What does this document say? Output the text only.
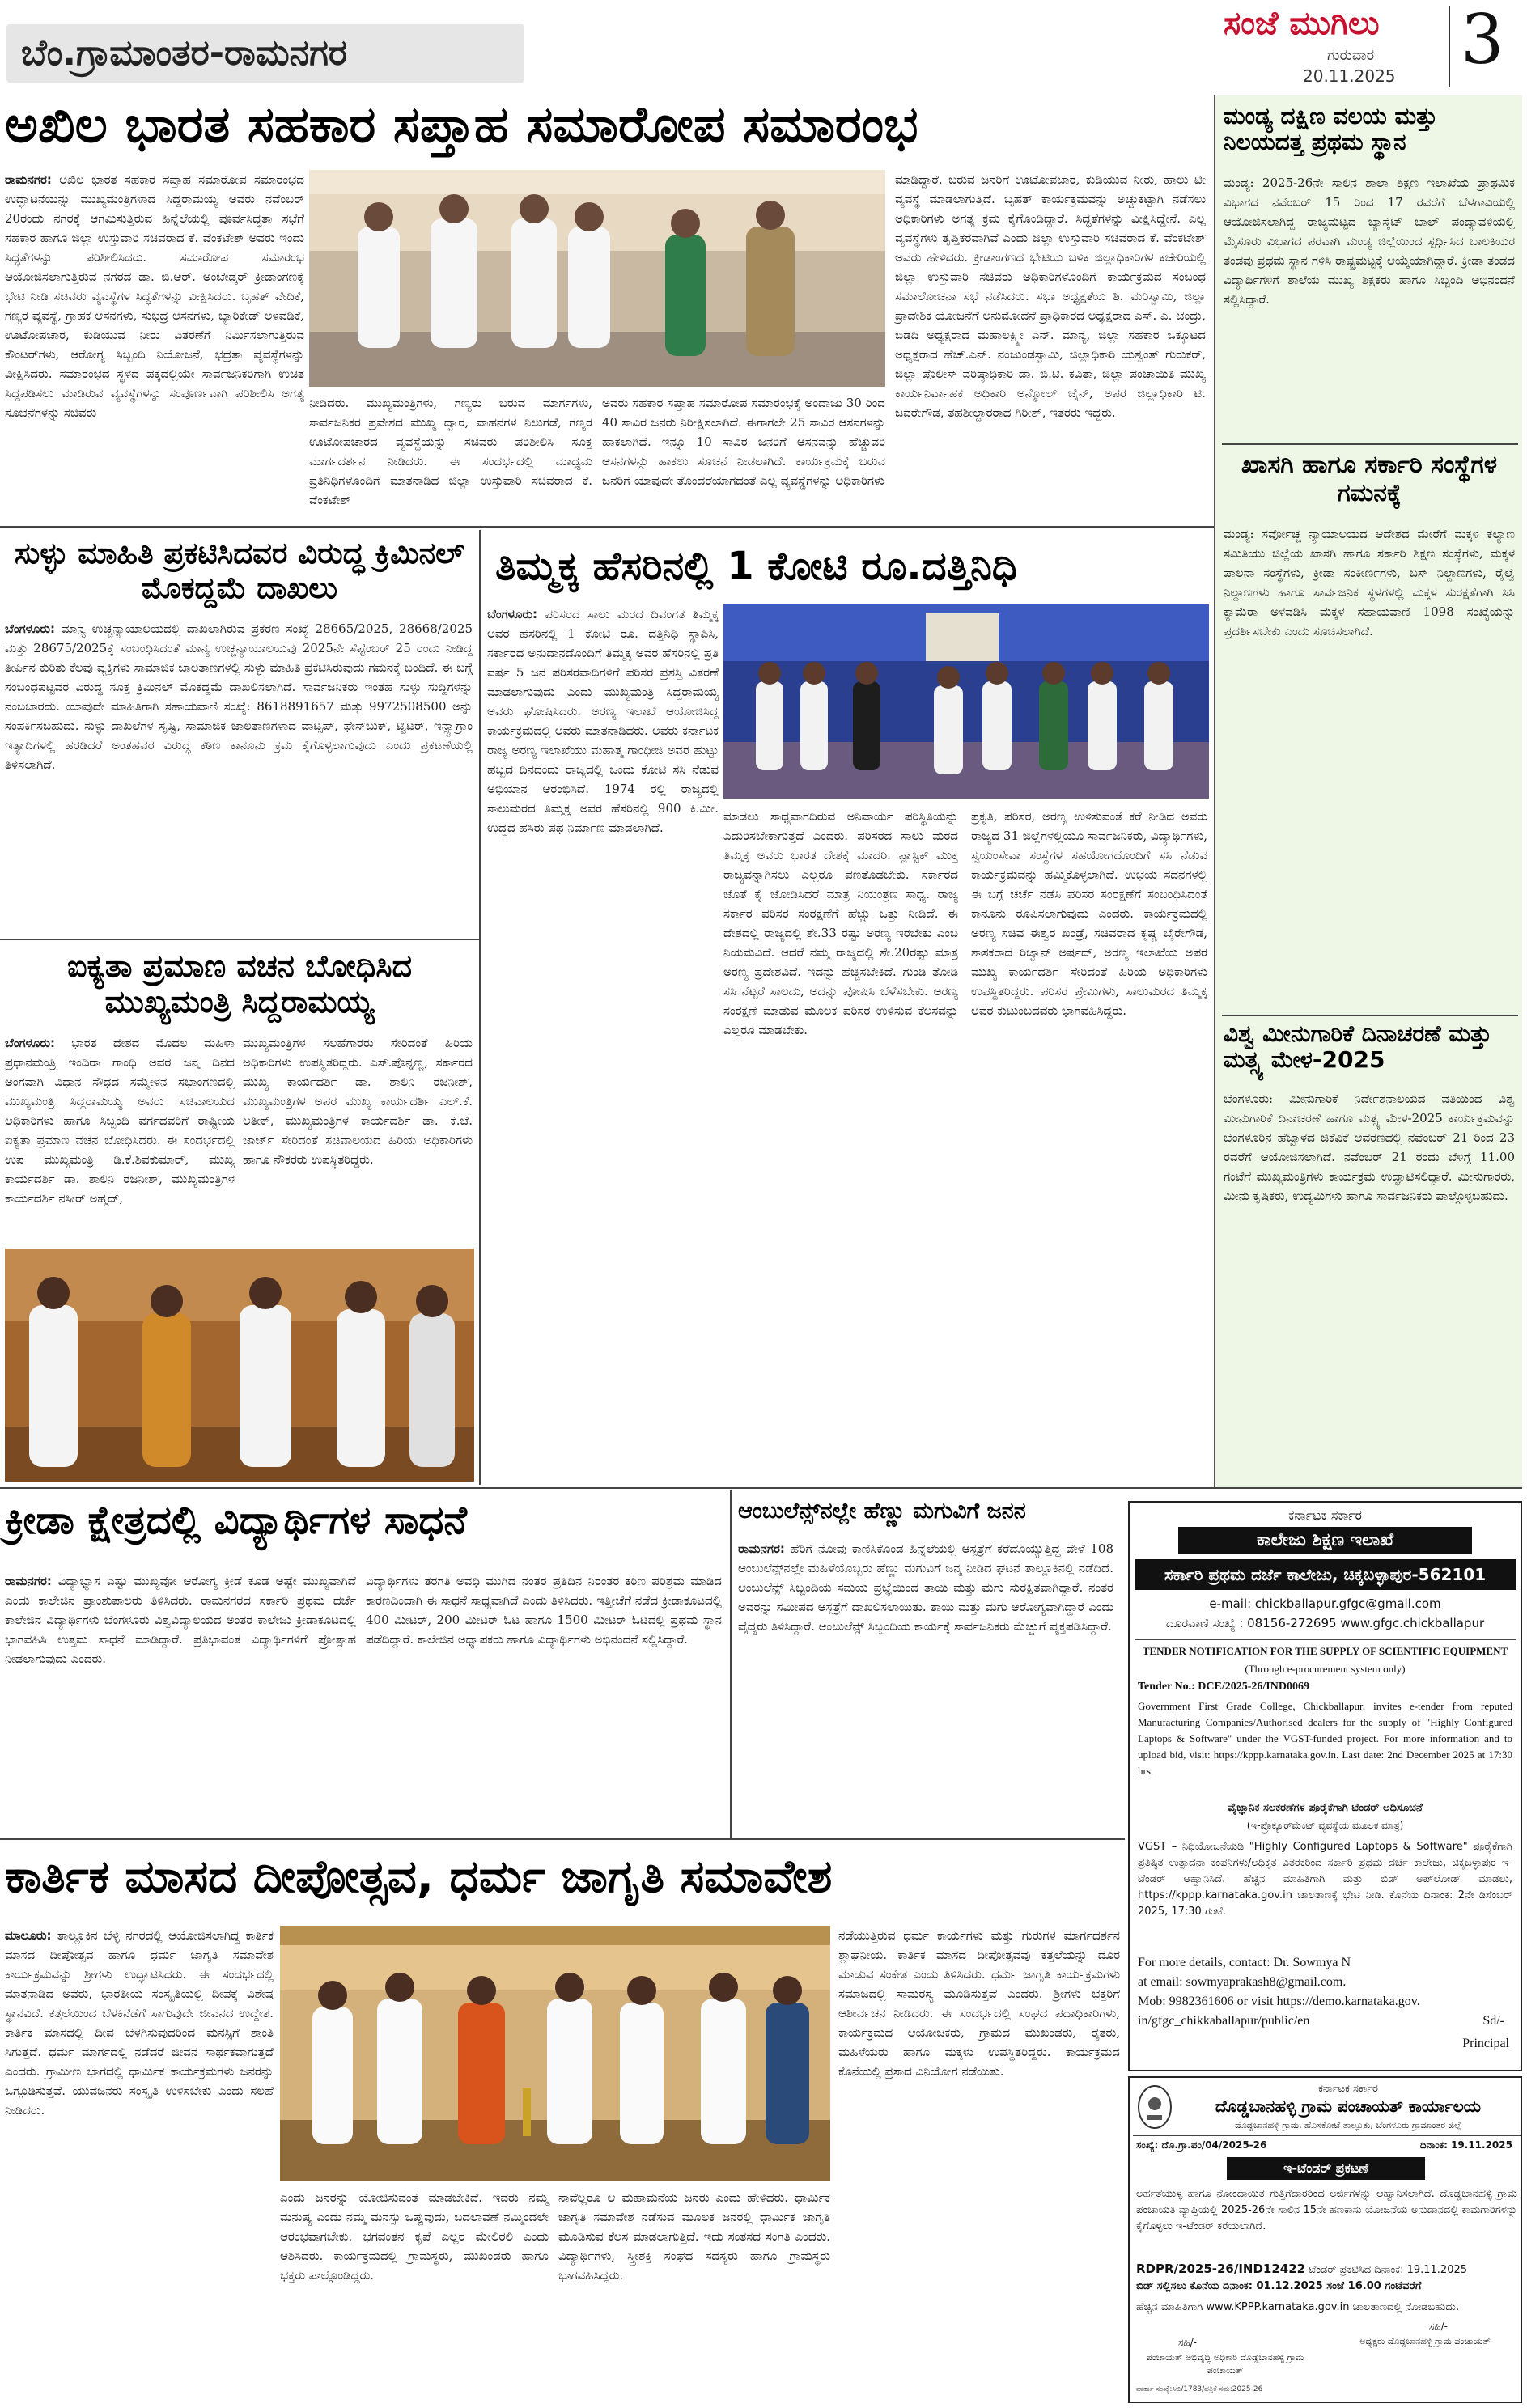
ಬೆಂ.ಗ್ರಾಮಾಂತರ-ರಾಮನಗರ
ಸಂಜೆ ಮುಗಿಲು
ಗುರುವಾರ
20.11.2025 3
ಅಖಿಲ ಭಾರತ ಸಹಕಾರ ಸಪ್ತಾಹ ಸಮಾರೋಪ ಸಮಾರಂಭ
ರಾಮನಗರ: ಅಖಿಲ ಭಾರತ ಸಹಕಾರ ಸಪ್ತಾಹ ಸಮಾರೋಪ ಸಮಾರಂಭದ ಉದ್ಘಾಟನೆಯನ್ನು ಮುಖ್ಯಮಂತ್ರಿಗಳಾದ ಸಿದ್ದರಾಮಯ್ಯ ಅವರು ನವೆಂಬರ್ 20ರಂದು ನಗರಕ್ಕೆ ಆಗಮಿಸುತ್ತಿರುವ ಹಿನ್ನೆಲೆಯಲ್ಲಿ ಪೂರ್ವಸಿದ್ಧತಾ ಸಭೆಗೆ ಸಹಕಾರ ಹಾಗೂ ಜಿಲ್ಲಾ ಉಸ್ತುವಾರಿ ಸಚಿವರಾದ ಕೆ. ವೆಂಕಟೇಶ್ ಅವರು ಇಂದು ಸಿದ್ಧತೆಗಳನ್ನು ಪರಿಶೀಲಿಸಿದರು. ಸಮಾರೋಪ ಸಮಾರಂಭ ಆಯೋಜಿಸಲಾಗುತ್ತಿರುವ ನಗರದ ಡಾ. ಬಿ.ಆರ್. ಅಂಬೇಡ್ಕರ್ ಕ್ರೀಡಾಂಗಣಕ್ಕೆ ಭೇಟಿ ನೀಡಿ ಸಚಿವರು ವ್ಯವಸ್ಥೆಗಳ ಸಿದ್ಧತೆಗಳನ್ನು ವೀಕ್ಷಿಸಿದರು. ಬೃಹತ್ ವೇದಿಕೆ, ಗಣ್ಯರ ವ್ಯವಸ್ಥೆ, ಗ್ರಾಹಕ ಆಸನಗಳು, ಸುಭದ್ರ ಆಸನಗಳು, ಬ್ಯಾರಿಕೇಡ್ ಅಳವಡಿಕೆ, ಊಟೋಪಚಾರ, ಕುಡಿಯುವ ನೀರು ವಿತರಣೆಗೆ ನಿರ್ಮಿಸಲಾಗುತ್ತಿರುವ ಕೌಂಟರ್‌ಗಳು, ಆರೋಗ್ಯ ಸಿಬ್ಬಂದಿ ನಿಯೋಜನೆ, ಭದ್ರತಾ ವ್ಯವಸ್ಥೆಗಳನ್ನು ವೀಕ್ಷಿಸಿದರು. ಸಮಾರಂಭದ ಸ್ಥಳದ ಪಕ್ಕದಲ್ಲಿಯೇ ಸಾರ್ವಜನಿಕರಿಗಾಗಿ ಉಚಿತ ಸಿದ್ದಪಡಿಸಲು ಮಾಡಿರುವ ವ್ಯವಸ್ಥೆಗಳನ್ನು ಸಂಪೂರ್ಣವಾಗಿ ಪರಿಶೀಲಿಸಿ ಅಗತ್ಯ ಸೂಚನೆಗಳನ್ನು ಸಚಿವರು
ನೀಡಿದರು. ಮುಖ್ಯಮಂತ್ರಿಗಳು, ಗಣ್ಯರು ಬರುವ ಮಾರ್ಗಗಳು, ಸಾರ್ವಜನಿಕರ ಪ್ರವೇಶದ ಮುಖ್ಯ ದ್ವಾರ, ವಾಹನಗಳ ನಿಲುಗಡೆ, ಗಣ್ಯರ ಊಟೋಪಚಾರದ ವ್ಯವಸ್ಥೆಯನ್ನು ಸಚಿವರು ಪರಿಶೀಲಿಸಿ ಸೂಕ್ತ ಮಾರ್ಗದರ್ಶನ ನೀಡಿದರು. ಈ ಸಂದರ್ಭದಲ್ಲಿ ಮಾಧ್ಯಮ ಪ್ರತಿನಿಧಿಗಳೊಂದಿಗೆ ಮಾತನಾಡಿದ ಜಿಲ್ಲಾ ಉಸ್ತುವಾರಿ ಸಚಿವರಾದ ಕೆ. ವೆಂಕಟೇಶ್
ಅವರು ಸಹಕಾರ ಸಪ್ತಾಹ ಸಮಾರೋಪ ಸಮಾರಂಭಕ್ಕೆ ಅಂದಾಜು 30 ರಿಂದ 40 ಸಾವಿರ ಜನರು ನಿರೀಕ್ಷಿಸಲಾಗಿದೆ. ಈಗಾಗಲೇ 25 ಸಾವಿರ ಆಸನಗಳನ್ನು ಹಾಕಲಾಗಿದೆ. ಇನ್ನೂ 10 ಸಾವಿರ ಜನರಿಗೆ ಆಸನವನ್ನು ಹೆಚ್ಚುವರಿ ಆಸನಗಳನ್ನು ಹಾಕಲು ಸೂಚನೆ ನೀಡಲಾಗಿದೆ. ಕಾರ್ಯಕ್ರಮಕ್ಕೆ ಬರುವ ಜನರಿಗೆ ಯಾವುದೇ ತೊಂದರೆಯಾಗದಂತೆ ಎಲ್ಲ ವ್ಯವಸ್ಥೆಗಳನ್ನು ಅಧಿಕಾರಿಗಳು
ಮಾಡಿದ್ದಾರೆ. ಬರುವ ಜನರಿಗೆ ಊಟೋಪಚಾರ, ಕುಡಿಯುವ ನೀರು, ಹಾಲು ಟೀ ವ್ಯವಸ್ಥೆ ಮಾಡಲಾಗುತ್ತಿದೆ. ಬೃಹತ್ ಕಾರ್ಯಕ್ರಮವನ್ನು ಅಚ್ಚುಕಟ್ಟಾಗಿ ನಡೆಸಲು ಅಧಿಕಾರಿಗಳು ಅಗತ್ಯ ಕ್ರಮ ಕೈಗೊಂಡಿದ್ದಾರೆ. ಸಿದ್ಧತೆಗಳನ್ನು ವೀಕ್ಷಿಸಿದ್ದೇನೆ. ಎಲ್ಲ ವ್ಯವಸ್ಥೆಗಳು ತೃಪ್ತಿಕರವಾಗಿವೆ ಎಂದು ಜಿಲ್ಲಾ ಉಸ್ತುವಾರಿ ಸಚಿವರಾದ ಕೆ. ವೆಂಕಟೇಶ್ ಅವರು ಹೇಳಿದರು. ಕ್ರೀಡಾಂಗಣದ ಭೇಟಿಯ ಬಳಿಕ ಜಿಲ್ಲಾಧಿಕಾರಿಗಳ ಕಚೇರಿಯಲ್ಲಿ ಜಿಲ್ಲಾ ಉಸ್ತುವಾರಿ ಸಚಿವರು ಅಧಿಕಾರಿಗಳೊಂದಿಗೆ ಕಾರ್ಯಕ್ರಮದ ಸಂಬಂಧ ಸಮಾಲೋಚನಾ ಸಭೆ ನಡೆಸಿದರು. ಸಭಾ ಅಧ್ಯಕ್ಷತೆಯ ಶಿ. ಮರಿಸ್ವಾಮಿ, ಜಿಲ್ಲಾ ಪ್ರಾದೇಶಿಕ ಯೋಜನೆಗೆ ಅನುಮೋದನೆ ಪ್ರಾಧಿಕಾರದ ಅಧ್ಯಕ್ಷರಾದ ಎಸ್. ಎ. ಚಂದ್ರು, ಬಿಡದಿ ಅಧ್ಯಕ್ಷರಾದ ಮಹಾಲಕ್ಷ್ಮೀ ಎನ್. ಮಾನ್ಯ, ಜಿಲ್ಲಾ ಸಹಕಾರ ಒಕ್ಕೂಟದ ಅಧ್ಯಕ್ಷರಾದ ಹೆಚ್.ಎನ್. ನಂಜುಂಡಸ್ವಾಮಿ, ಜಿಲ್ಲಾಧಿಕಾರಿ ಯಶ್ವಂತ್ ಗುರುಕರ್, ಜಿಲ್ಲಾ ಪೊಲೀಸ್ ವರಿಷ್ಠಾಧಿಕಾರಿ ಡಾ. ಬಿ.ಟಿ. ಕವಿತಾ, ಜಿಲ್ಲಾ ಪಂಚಾಯಿತಿ ಮುಖ್ಯ ಕಾರ್ಯನಿರ್ವಾಹಕ ಅಧಿಕಾರಿ ಅನ್ಮೋಲ್ ಜೈನ್, ಅಪರ ಜಿಲ್ಲಾಧಿಕಾರಿ ಟಿ. ಜವರೇಗೌಡ, ತಹಶೀಲ್ದಾರರಾದ ಗಿರೀಶ್, ಇತರರು ಇದ್ದರು.
ಮಂಡ್ಯ ದಕ್ಷಿಣ ವಲಯ ಮತ್ತು ನಿಲಯದತ್ತ ಪ್ರಥಮ ಸ್ಥಾನ
ಮಂಡ್ಯ: 2025-26ನೇ ಸಾಲಿನ ಶಾಲಾ ಶಿಕ್ಷಣ ಇಲಾಖೆಯ ಪ್ರಾಥಮಿಕ ವಿಭಾಗದ ನವೆಂಬರ್ 15 ರಿಂದ 17 ರವರೆಗೆ ಬೆಳಗಾವಿಯಲ್ಲಿ ಆಯೋಜಿಸಲಾಗಿದ್ದ ರಾಜ್ಯಮಟ್ಟದ ಬ್ಯಾಸ್ಕೆಟ್ ಬಾಲ್ ಪಂದ್ಯಾವಳಿಯಲ್ಲಿ ಮೈಸೂರು ವಿಭಾಗದ ಪರವಾಗಿ ಮಂಡ್ಯ ಜಿಲ್ಲೆಯಿಂದ ಸ್ಪರ್ಧಿಸಿದ ಬಾಲಕಿಯರ ತಂಡವು ಪ್ರಥಮ ಸ್ಥಾನ ಗಳಿಸಿ ರಾಷ್ಟ್ರಮಟ್ಟಕ್ಕೆ ಆಯ್ಕೆಯಾಗಿದ್ದಾರೆ. ಕ್ರೀಡಾ ತಂಡದ ವಿದ್ಯಾರ್ಥಿಗಳಿಗೆ ಶಾಲೆಯ ಮುಖ್ಯ ಶಿಕ್ಷಕರು ಹಾಗೂ ಸಿಬ್ಬಂದಿ ಅಭಿನಂದನೆ ಸಲ್ಲಿಸಿದ್ದಾರೆ.
ಖಾಸಗಿ ಹಾಗೂ ಸರ್ಕಾರಿ ಸಂಸ್ಥೆಗಳ ಗಮನಕ್ಕೆ
ಮಂಡ್ಯ: ಸರ್ವೋಚ್ಚ ನ್ಯಾಯಾಲಯದ ಆದೇಶದ ಮೇರೆಗೆ ಮಕ್ಕಳ ಕಲ್ಯಾಣ ಸಮಿತಿಯು ಜಿಲ್ಲೆಯ ಖಾಸಗಿ ಹಾಗೂ ಸರ್ಕಾರಿ ಶಿಕ್ಷಣ ಸಂಸ್ಥೆಗಳು, ಮಕ್ಕಳ ಪಾಲನಾ ಸಂಸ್ಥೆಗಳು, ಕ್ರೀಡಾ ಸಂಕೀರ್ಣಗಳು, ಬಸ್ ನಿಲ್ದಾಣಗಳು, ರೈಲ್ವೆ ನಿಲ್ದಾಣಗಳು ಹಾಗೂ ಸಾರ್ವಜನಿಕ ಸ್ಥಳಗಳಲ್ಲಿ ಮಕ್ಕಳ ಸುರಕ್ಷತೆಗಾಗಿ ಸಿಸಿ ಕ್ಯಾಮೆರಾ ಅಳವಡಿಸಿ ಮಕ್ಕಳ ಸಹಾಯವಾಣಿ 1098 ಸಂಖ್ಯೆಯನ್ನು ಪ್ರದರ್ಶಿಸಬೇಕು ಎಂದು ಸೂಚಿಸಲಾಗಿದೆ.
ವಿಶ್ವ ಮೀನುಗಾರಿಕೆ ದಿನಾಚರಣೆ ಮತ್ತು ಮತ್ಸ್ಯ ಮೇಳ-2025
ಬೆಂಗಳೂರು: ಮೀನುಗಾರಿಕೆ ನಿರ್ದೇಶನಾಲಯದ ವತಿಯಿಂದ ವಿಶ್ವ ಮೀನುಗಾರಿಕೆ ದಿನಾಚರಣೆ ಹಾಗೂ ಮತ್ಸ್ಯ ಮೇಳ-2025 ಕಾರ್ಯಕ್ರಮವನ್ನು ಬೆಂಗಳೂರಿನ ಹೆಬ್ಬಾಳದ ಜಿಕೆವಿಕೆ ಆವರಣದಲ್ಲಿ ನವೆಂಬರ್ 21 ರಿಂದ 23 ರವರೆಗೆ ಆಯೋಜಿಸಲಾಗಿದೆ. ನವೆಂಬರ್ 21 ರಂದು ಬೆಳಿಗ್ಗೆ 11.00 ಗಂಟೆಗೆ ಮುಖ್ಯಮಂತ್ರಿಗಳು ಕಾರ್ಯಕ್ರಮ ಉದ್ಘಾಟಿಸಲಿದ್ದಾರೆ. ಮೀನುಗಾರರು, ಮೀನು ಕೃಷಿಕರು, ಉದ್ಯಮಿಗಳು ಹಾಗೂ ಸಾರ್ವಜನಿಕರು ಪಾಲ್ಗೊಳ್ಳಬಹುದು.
ಸುಳ್ಳು ಮಾಹಿತಿ ಪ್ರಕಟಿಸಿದವರ ವಿರುದ್ಧ ಕ್ರಿಮಿನಲ್ ಮೊಕದ್ದಮೆ ದಾಖಲು
ಬೆಂಗಳೂರು: ಮಾನ್ಯ ಉಚ್ಚನ್ಯಾಯಾಲಯದಲ್ಲಿ ದಾಖಲಾಗಿರುವ ಪ್ರಕರಣ ಸಂಖ್ಯೆ 28665/2025, 28668/2025 ಮತ್ತು 28675/2025ಕ್ಕೆ ಸಂಬಂಧಿಸಿದಂತೆ ಮಾನ್ಯ ಉಚ್ಚನ್ಯಾಯಾಲಯವು 2025ನೇ ಸೆಪ್ಟೆಂಬರ್ 25 ರಂದು ನೀಡಿದ್ದ ತೀರ್ಪಿನ ಕುರಿತು ಕೆಲವು ವ್ಯಕ್ತಿಗಳು ಸಾಮಾಜಿಕ ಜಾಲತಾಣಗಳಲ್ಲಿ ಸುಳ್ಳು ಮಾಹಿತಿ ಪ್ರಕಟಿಸಿರುವುದು ಗಮನಕ್ಕೆ ಬಂದಿದೆ. ಈ ಬಗ್ಗೆ ಸಂಬಂಧಪಟ್ಟವರ ವಿರುದ್ಧ ಸೂಕ್ತ ಕ್ರಿಮಿನಲ್ ಮೊಕದ್ದಮೆ ದಾಖಲಿಸಲಾಗಿದೆ. ಸಾರ್ವಜನಿಕರು ಇಂತಹ ಸುಳ್ಳು ಸುದ್ದಿಗಳನ್ನು ನಂಬಬಾರದು. ಯಾವುದೇ ಮಾಹಿತಿಗಾಗಿ ಸಹಾಯವಾಣಿ ಸಂಖ್ಯೆ: 8618891657 ಮತ್ತು 9972508500 ಅನ್ನು ಸಂಪರ್ಕಿಸಬಹುದು. ಸುಳ್ಳು ದಾಖಲೆಗಳ ಸೃಷ್ಟಿ, ಸಾಮಾಜಿಕ ಜಾಲತಾಣಗಳಾದ ವಾಟ್ಸಪ್, ಫೇಸ್‌ಬುಕ್, ಟ್ವಿಟರ್, ಇನ್ಸ್ಟಾಗ್ರಾಂ ಇತ್ಯಾದಿಗಳಲ್ಲಿ ಹರಡಿದರೆ ಅಂತಹವರ ವಿರುದ್ಧ ಕಠಿಣ ಕಾನೂನು ಕ್ರಮ ಕೈಗೊಳ್ಳಲಾಗುವುದು ಎಂದು ಪ್ರಕಟಣೆಯಲ್ಲಿ ತಿಳಿಸಲಾಗಿದೆ.
ತಿಮ್ಮಕ್ಕ ಹೆಸರಿನಲ್ಲಿ 1 ಕೋಟಿ ರೂ.ದತ್ತಿನಿಧಿ
ಬೆಂಗಳೂರು: ಪರಿಸರದ ಸಾಲು ಮರದ ದಿವಂಗತ ತಿಮ್ಮಕ್ಕ ಅವರ ಹೆಸರಿನಲ್ಲಿ 1 ಕೋಟಿ ರೂ. ದತ್ತಿನಿಧಿ ಸ್ಥಾಪಿಸಿ, ಸರ್ಕಾರದ ಅನುದಾನದೊಂದಿಗೆ ತಿಮ್ಮಕ್ಕ ಅವರ ಹೆಸರಿನಲ್ಲಿ ಪ್ರತಿ ವರ್ಷ 5 ಜನ ಪರಿಸರವಾದಿಗಳಿಗೆ ಪರಿಸರ ಪ್ರಶಸ್ತಿ ವಿತರಣೆ ಮಾಡಲಾಗುವುದು ಎಂದು ಮುಖ್ಯಮಂತ್ರಿ ಸಿದ್ದರಾಮಯ್ಯ ಅವರು ಘೋಷಿಸಿದರು. ಅರಣ್ಯ ಇಲಾಖೆ ಆಯೋಜಿಸಿದ್ದ ಕಾರ್ಯಕ್ರಮದಲ್ಲಿ ಅವರು ಮಾತನಾಡಿದರು. ಅವರು ಕರ್ನಾಟಕ ರಾಜ್ಯ ಅರಣ್ಯ ಇಲಾಖೆಯು ಮಹಾತ್ಮ ಗಾಂಧೀಜಿ ಅವರ ಹುಟ್ಟು ಹಬ್ಬದ ದಿನದಂದು ರಾಜ್ಯದಲ್ಲಿ ಒಂದು ಕೋಟಿ ಸಸಿ ನೆಡುವ ಅಭಿಯಾನ ಆರಂಭಿಸಿದೆ. 1974 ರಲ್ಲಿ ರಾಜ್ಯದಲ್ಲಿ ಸಾಲುಮರದ ತಿಮ್ಮಕ್ಕ ಅವರ ಹೆಸರಿನಲ್ಲಿ 900 ಕಿ.ಮೀ. ಉದ್ದದ ಹಸಿರು ಪಥ ನಿರ್ಮಾಣ ಮಾಡಲಾಗಿದೆ.
ಮಾಡಲು ಸಾಧ್ಯವಾಗದಿರುವ ಅನಿವಾರ್ಯ ಪರಿಸ್ಥಿತಿಯನ್ನು ಎದುರಿಸಬೇಕಾಗುತ್ತದೆ ಎಂದರು. ಪರಿಸರದ ಸಾಲು ಮರದ ತಿಮ್ಮಕ್ಕ ಅವರು ಭಾರತ ದೇಶಕ್ಕೆ ಮಾದರಿ. ಪ್ಲಾಸ್ಟಿಕ್ ಮುಕ್ತ ರಾಜ್ಯವನ್ನಾಗಿಸಲು ಎಲ್ಲರೂ ಪಣತೊಡಬೇಕು. ಸರ್ಕಾರದ ಜೊತೆ ಕೈ ಜೋಡಿಸಿದರೆ ಮಾತ್ರ ನಿಯಂತ್ರಣ ಸಾಧ್ಯ. ರಾಜ್ಯ ಸರ್ಕಾರ ಪರಿಸರ ಸಂರಕ್ಷಣೆಗೆ ಹೆಚ್ಚು ಒತ್ತು ನೀಡಿದೆ. ಈ ದೇಶದಲ್ಲಿ ರಾಜ್ಯದಲ್ಲಿ ಶೇ.33 ರಷ್ಟು ಅರಣ್ಯ ಇರಬೇಕು ಎಂಬ ನಿಯಮವಿದೆ. ಆದರೆ ನಮ್ಮ ರಾಜ್ಯದಲ್ಲಿ ಶೇ.20ರಷ್ಟು ಮಾತ್ರ ಅರಣ್ಯ ಪ್ರದೇಶವಿದೆ. ಇದನ್ನು ಹೆಚ್ಚಿಸಬೇಕಿದೆ. ಗುಂಡಿ ತೋಡಿ ಸಸಿ ನೆಟ್ಟರೆ ಸಾಲದು, ಅದನ್ನು ಪೋಷಿಸಿ ಬೆಳೆಸಬೇಕು. ಅರಣ್ಯ ಸಂರಕ್ಷಣೆ ಮಾಡುವ ಮೂಲಕ ಪರಿಸರ ಉಳಿಸುವ ಕೆಲಸವನ್ನು ಎಲ್ಲರೂ ಮಾಡಬೇಕು.
ಪ್ರಕೃತಿ, ಪರಿಸರ, ಅರಣ್ಯ ಉಳಿಸುವಂತೆ ಕರೆ ನೀಡಿದ ಅವರು ರಾಜ್ಯದ 31 ಜಿಲ್ಲೆಗಳಲ್ಲಿಯೂ ಸಾರ್ವಜನಿಕರು, ವಿದ್ಯಾರ್ಥಿಗಳು, ಸ್ವಯಂಸೇವಾ ಸಂಸ್ಥೆಗಳ ಸಹಯೋಗದೊಂದಿಗೆ ಸಸಿ ನೆಡುವ ಕಾರ್ಯಕ್ರಮವನ್ನು ಹಮ್ಮಿಕೊಳ್ಳಲಾಗಿದೆ. ಉಭಯ ಸದನಗಳಲ್ಲಿ ಈ ಬಗ್ಗೆ ಚರ್ಚೆ ನಡೆಸಿ ಪರಿಸರ ಸಂರಕ್ಷಣೆಗೆ ಸಂಬಂಧಿಸಿದಂತೆ ಕಾನೂನು ರೂಪಿಸಲಾಗುವುದು ಎಂದರು. ಕಾರ್ಯಕ್ರಮದಲ್ಲಿ ಅರಣ್ಯ ಸಚಿವ ಈಶ್ವರ ಖಂಡ್ರೆ, ಸಚಿವರಾದ ಕೃಷ್ಣ ಬೈರೇಗೌಡ, ಶಾಸಕರಾದ ರಿಜ್ವಾನ್ ಅರ್ಷದ್, ಅರಣ್ಯ ಇಲಾಖೆಯ ಅಪರ ಮುಖ್ಯ ಕಾರ್ಯದರ್ಶಿ ಸೇರಿದಂತೆ ಹಿರಿಯ ಅಧಿಕಾರಿಗಳು ಉಪಸ್ಥಿತರಿದ್ದರು. ಪರಿಸರ ಪ್ರೇಮಿಗಳು, ಸಾಲುಮರದ ತಿಮ್ಮಕ್ಕ ಅವರ ಕುಟುಂಬದವರು ಭಾಗವಹಿಸಿದ್ದರು.
ಐಕ್ಯತಾ ಪ್ರಮಾಣ ವಚನ ಬೋಧಿಸಿದ ಮುಖ್ಯಮಂತ್ರಿ ಸಿದ್ದರಾಮಯ್ಯ
ಬೆಂಗಳೂರು: ಭಾರತ ದೇಶದ ಮೊದಲ ಮಹಿಳಾ ಪ್ರಧಾನಮಂತ್ರಿ ಇಂದಿರಾ ಗಾಂಧಿ ಅವರ ಜನ್ಮ ದಿನದ ಅಂಗವಾಗಿ ವಿಧಾನ ಸೌಧದ ಸಮ್ಮೇಳನ ಸಭಾಂಗಣದಲ್ಲಿ ಮುಖ್ಯಮಂತ್ರಿ ಸಿದ್ದರಾಮಯ್ಯ ಅವರು ಸಚಿವಾಲಯದ ಅಧಿಕಾರಿಗಳು ಹಾಗೂ ಸಿಬ್ಬಂದಿ ವರ್ಗದವರಿಗೆ ರಾಷ್ಟ್ರೀಯ ಐಕ್ಯತಾ ಪ್ರಮಾಣ ವಚನ ಬೋಧಿಸಿದರು. ಈ ಸಂದರ್ಭದಲ್ಲಿ ಉಪ ಮುಖ್ಯಮಂತ್ರಿ ಡಿ.ಕೆ.ಶಿವಕುಮಾರ್, ಮುಖ್ಯ ಕಾರ್ಯದರ್ಶಿ ಡಾ. ಶಾಲಿನಿ ರಜನೀಶ್, ಮುಖ್ಯಮಂತ್ರಿಗಳ ಕಾರ್ಯದರ್ಶಿ ನಸೀರ್ ಅಹ್ಮದ್,
ಮುಖ್ಯಮಂತ್ರಿಗಳ ಸಲಹೆಗಾರರು ಸೇರಿದಂತೆ ಹಿರಿಯ ಅಧಿಕಾರಿಗಳು ಉಪಸ್ಥಿತರಿದ್ದರು. ಎಸ್.ಪೊನ್ನಣ್ಣ, ಸರ್ಕಾರದ ಮುಖ್ಯ ಕಾರ್ಯದರ್ಶಿ ಡಾ. ಶಾಲಿನಿ ರಜನೀಶ್, ಮುಖ್ಯಮಂತ್ರಿಗಳ ಅಪರ ಮುಖ್ಯ ಕಾರ್ಯದರ್ಶಿ ಎಲ್.ಕೆ. ಅತೀಕ್, ಮುಖ್ಯಮಂತ್ರಿಗಳ ಕಾರ್ಯದರ್ಶಿ ಡಾ. ಕೆ.ಜೆ. ಜಾರ್ಜ್ ಸೇರಿದಂತೆ ಸಚಿವಾಲಯದ ಹಿರಿಯ ಅಧಿಕಾರಿಗಳು ಹಾಗೂ ನೌಕರರು ಉಪಸ್ಥಿತರಿದ್ದರು.
ಕ್ರೀಡಾ ಕ್ಷೇತ್ರದಲ್ಲಿ ವಿದ್ಯಾರ್ಥಿಗಳ ಸಾಧನೆ
ರಾಮನಗರ: ವಿದ್ಯಾಭ್ಯಾಸ ಎಷ್ಟು ಮುಖ್ಯವೋ ಆರೋಗ್ಯ ಕ್ರೀಡೆ ಕೂಡ ಅಷ್ಟೇ ಮುಖ್ಯವಾಗಿದೆ ಎಂದು ಕಾಲೇಜಿನ ಪ್ರಾಂಶುಪಾಲರು ತಿಳಿಸಿದರು. ರಾಮನಗರದ ಸರ್ಕಾರಿ ಪ್ರಥಮ ದರ್ಜೆ ಕಾಲೇಜಿನ ವಿದ್ಯಾರ್ಥಿಗಳು ಬೆಂಗಳೂರು ವಿಶ್ವವಿದ್ಯಾಲಯದ ಅಂತರ ಕಾಲೇಜು ಕ್ರೀಡಾಕೂಟದಲ್ಲಿ ಭಾಗವಹಿಸಿ ಉತ್ತಮ ಸಾಧನೆ ಮಾಡಿದ್ದಾರೆ. ಪ್ರತಿಭಾವಂತ ವಿದ್ಯಾರ್ಥಿಗಳಿಗೆ ಪ್ರೋತ್ಸಾಹ ನೀಡಲಾಗುವುದು ಎಂದರು.
ವಿದ್ಯಾರ್ಥಿಗಳು ತರಗತಿ ಅವಧಿ ಮುಗಿದ ನಂತರ ಪ್ರತಿದಿನ ನಿರಂತರ ಕಠಿಣ ಪರಿಶ್ರಮ ಮಾಡಿದ ಕಾರಣದಿಂದಾಗಿ ಈ ಸಾಧನೆ ಸಾಧ್ಯವಾಗಿದೆ ಎಂದು ತಿಳಿಸಿದರು. ಇತ್ತೀಚೆಗೆ ನಡೆದ ಕ್ರೀಡಾಕೂಟದಲ್ಲಿ 400 ಮೀಟರ್, 200 ಮೀಟರ್ ಓಟ ಹಾಗೂ 1500 ಮೀಟರ್ ಓಟದಲ್ಲಿ ಪ್ರಥಮ ಸ್ಥಾನ ಪಡೆದಿದ್ದಾರೆ. ಕಾಲೇಜಿನ ಅಧ್ಯಾಪಕರು ಹಾಗೂ ವಿದ್ಯಾರ್ಥಿಗಳು ಅಭಿನಂದನೆ ಸಲ್ಲಿಸಿದ್ದಾರೆ.
ಆಂಬುಲೆನ್ಸ್‌ನಲ್ಲೇ ಹೆಣ್ಣು ಮಗುವಿಗೆ ಜನನ
ರಾಮನಗರ: ಹೆರಿಗೆ ನೋವು ಕಾಣಿಸಿಕೊಂಡ ಹಿನ್ನೆಲೆಯಲ್ಲಿ ಆಸ್ಪತ್ರೆಗೆ ಕರೆದೊಯ್ಯುತ್ತಿದ್ದ ವೇಳೆ 108 ಆಂಬುಲೆನ್ಸ್‌ನಲ್ಲೇ ಮಹಿಳೆಯೊಬ್ಬರು ಹೆಣ್ಣು ಮಗುವಿಗೆ ಜನ್ಮ ನೀಡಿದ ಘಟನೆ ತಾಲ್ಲೂಕಿನಲ್ಲಿ ನಡೆದಿದೆ. ಆಂಬುಲೆನ್ಸ್ ಸಿಬ್ಬಂದಿಯ ಸಮಯ ಪ್ರಜ್ಞೆಯಿಂದ ತಾಯಿ ಮತ್ತು ಮಗು ಸುರಕ್ಷಿತವಾಗಿದ್ದಾರೆ. ನಂತರ ಅವರನ್ನು ಸಮೀಪದ ಆಸ್ಪತ್ರೆಗೆ ದಾಖಲಿಸಲಾಯಿತು. ತಾಯಿ ಮತ್ತು ಮಗು ಆರೋಗ್ಯವಾಗಿದ್ದಾರೆ ಎಂದು ವೈದ್ಯರು ತಿಳಿಸಿದ್ದಾರೆ. ಆಂಬುಲೆನ್ಸ್ ಸಿಬ್ಬಂದಿಯ ಕಾರ್ಯಕ್ಕೆ ಸಾರ್ವಜನಿಕರು ಮೆಚ್ಚುಗೆ ವ್ಯಕ್ತಪಡಿಸಿದ್ದಾರೆ.
ಕರ್ನಾಟಕ ಸರ್ಕಾರ
ಕಾಲೇಜು ಶಿಕ್ಷಣ ಇಲಾಖೆ
ಸರ್ಕಾರಿ ಪ್ರಥಮ ದರ್ಜೆ ಕಾಲೇಜು, ಚಿಕ್ಕಬಳ್ಳಾಪುರ-562101
e-mail: chickballapur.gfgc@gmail.com
ದೂರವಾಣಿ ಸಂಖ್ಯೆ : 08156-272695 www.gfgc.chickballapur
TENDER NOTIFICATION FOR THE SUPPLY OF SCIENTIFIC EQUIPMENT
(Through e-procurement system only)
Tender No.: DCE/2025-26/IND0069
Government First Grade College, Chickballapur, invites e-tender from reputed Manufacturing Companies/Authorised dealers for the supply of "Highly Configured Laptops & Software" under the VGST-funded project. For more information and to upload bid, visit: https://kppp.karnataka.gov.in. Last date: 2nd December 2025 at 17:30 hrs.
ವೈಜ್ಞಾನಿಕ ಸಲಕರಣೆಗಳ ಪೂರೈಕೆಗಾಗಿ ಟೆಂಡರ್ ಅಧಿಸೂಚನೆ
(ಇ-ಪ್ರೊಕ್ಯೂರ್‌ಮೆಂಟ್ ವ್ಯವಸ್ಥೆಯ ಮೂಲಕ ಮಾತ್ರ)
VGST – ನಿಧಿಯೋಜನೆಯಡಿ "Highly Configured Laptops & Software" ಪೂರೈಕೆಗಾಗಿ ಪ್ರತಿಷ್ಠಿತ ಉತ್ಪಾದನಾ ಕಂಪನಿಗಳು/ಅಧಿಕೃತ ವಿತರಕರಿಂದ ಸರ್ಕಾರಿ ಪ್ರಥಮ ದರ್ಜೆ ಕಾಲೇಜು, ಚಿಕ್ಕಬಳ್ಳಾಪುರ ಇ-ಟೆಂಡರ್ ಆಹ್ವಾನಿಸಿದೆ. ಹೆಚ್ಚಿನ ಮಾಹಿತಿಗಾಗಿ ಮತ್ತು ಬಿಡ್ ಅಪ್‌ಲೋಡ್ ಮಾಡಲು, https://kppp.karnataka.gov.in ಜಾಲತಾಣಕ್ಕೆ ಭೇಟಿ ನೀಡಿ. ಕೊನೆಯ ದಿನಾಂಕ: 2ನೇ ಡಿಸೆಂಬರ್ 2025, 17:30 ಗಂಟೆ.
For more details, contact: Dr. Sowmya N
at email: sowmyaprakash8@gmail.com.
Mob: 9982361606 or visit https://demo.karnataka.gov.
in/gfgc_chikkaballapur/public/en	Sd/-
Principal
ಕರ್ನಾಟಕ ಸರ್ಕಾರ
ದೊಡ್ಡಬಾನಹಳ್ಳಿ ಗ್ರಾಮ ಪಂಚಾಯತ್ ಕಾರ್ಯಾಲಯ
ದೊಡ್ಡಬಾನಹಳ್ಳಿ ಗ್ರಾಮ, ಹೊಸಕೋಟೆ ತಾಲ್ಲೂಕು, ಬೆಂಗಳೂರು ಗ್ರಾಮಾಂತರ ಜಿಲ್ಲೆ
ಸಂಖ್ಯೆ: ದೊ.ಗ್ರಾ.ಪಂ/04/2025-26	ದಿನಾಂಕ: 19.11.2025
ಇ-ಟೆಂಡರ್ ಪ್ರಕಟಣೆ
ಅರ್ಹತೆಯುಳ್ಳ ಹಾಗೂ ನೋಂದಾಯಿತ ಗುತ್ತಿಗೆದಾರರಿಂದ ಅರ್ಜಿಗಳನ್ನು ಆಹ್ವಾನಿಸಲಾಗಿದೆ. ದೊಡ್ಡಬಾನಹಳ್ಳಿ ಗ್ರಾಮ ಪಂಚಾಯತಿ ವ್ಯಾಪ್ತಿಯಲ್ಲಿ 2025-26ನೇ ಸಾಲಿನ 15ನೇ ಹಣಕಾಸು ಯೋಜನೆಯ ಅನುದಾನದಲ್ಲಿ ಕಾಮಗಾರಿಗಳನ್ನು ಕೈಗೊಳ್ಳಲು ಇ-ಟೆಂಡರ್ ಕರೆಯಲಾಗಿದೆ.
RDPR/2025-26/IND12422 ಟೆಂಡರ್ ಪ್ರಕಟಿಸಿದ ದಿನಾಂಕ: 19.11.2025
ಬಿಡ್ ಸಲ್ಲಿಸಲು ಕೊನೆಯ ದಿನಾಂಕ: 01.12.2025 ಸಂಜೆ 16.00 ಗಂಟೆವರೆಗೆ
ಹೆಚ್ಚಿನ ಮಾಹಿತಿಗಾಗಿ www.KPPP.karnataka.gov.in ಜಾಲತಾಣದಲ್ಲಿ ನೋಡಬಹುದು.
ಸಹಿ/-
ಪಂಚಾಯತ್ ಅಭಿವೃದ್ಧಿ ಅಧಿಕಾರಿ ದೊಡ್ಡಬಾನಹಳ್ಳಿ ಗ್ರಾಮ ಪಂಚಾಯತ್
ಸಹಿ/-
ಅಧ್ಯಕ್ಷರು ದೊಡ್ಡಬಾನಹಳ್ಳಿ ಗ್ರಾಮ ಪಂಚಾಯತ್
ವಾರ್ತಾ ಸಂಖ್ಯೆ:ಸಿಬಿ/1783/ಪತ್ರಿಕೆ ಸಮ:2025-26
ಕಾರ್ತಿಕ ಮಾಸದ ದೀಪೋತ್ಸವ, ಧರ್ಮ ಜಾಗೃತಿ ಸಮಾವೇಶ
ಮಾಲೂರು: ತಾಲ್ಲೂಕಿನ ಬೆಳ್ಳಿ ನಗರದಲ್ಲಿ ಆಯೋಜಿಸಲಾಗಿದ್ದ ಕಾರ್ತಿಕ ಮಾಸದ ದೀಪೋತ್ಸವ ಹಾಗೂ ಧರ್ಮ ಜಾಗೃತಿ ಸಮಾವೇಶ ಕಾರ್ಯಕ್ರಮವನ್ನು ಶ್ರೀಗಳು ಉದ್ಘಾಟಿಸಿದರು. ಈ ಸಂದರ್ಭದಲ್ಲಿ ಮಾತನಾಡಿದ ಅವರು, ಭಾರತೀಯ ಸಂಸ್ಕೃತಿಯಲ್ಲಿ ದೀಪಕ್ಕೆ ವಿಶೇಷ ಸ್ಥಾನವಿದೆ. ಕತ್ತಲೆಯಿಂದ ಬೆಳಕಿನೆಡೆಗೆ ಸಾಗುವುದೇ ಜೀವನದ ಉದ್ದೇಶ. ಕಾರ್ತಿಕ ಮಾಸದಲ್ಲಿ ದೀಪ ಬೆಳಗಿಸುವುದರಿಂದ ಮನಸ್ಸಿಗೆ ಶಾಂತಿ ಸಿಗುತ್ತದೆ. ಧರ್ಮ ಮಾರ್ಗದಲ್ಲಿ ನಡೆದರೆ ಜೀವನ ಸಾರ್ಥಕವಾಗುತ್ತದೆ ಎಂದರು. ಗ್ರಾಮೀಣ ಭಾಗದಲ್ಲಿ ಧಾರ್ಮಿಕ ಕಾರ್ಯಕ್ರಮಗಳು ಜನರನ್ನು ಒಗ್ಗೂಡಿಸುತ್ತವೆ. ಯುವಜನರು ಸಂಸ್ಕೃತಿ ಉಳಿಸಬೇಕು ಎಂದು ಸಲಹೆ ನೀಡಿದರು.
ಎಂದು ಜನರನ್ನು ಯೋಚಿಸುವಂತೆ ಮಾಡಬೇಕಿದೆ. ಇವರು ನಮ್ಮ ಮನುಷ್ಯ ಎಂದು ನಮ್ಮ ಮನಸ್ಸು ಒಪ್ಪುವುದು, ಬದಲಾವಣೆ ನಮ್ಮಿಂದಲೇ ಆರಂಭವಾಗಬೇಕು. ಭಗವಂತನ ಕೃಪೆ ಎಲ್ಲರ ಮೇಲಿರಲಿ ಎಂದು ಆಶಿಸಿದರು. ಕಾರ್ಯಕ್ರಮದಲ್ಲಿ ಗ್ರಾಮಸ್ಥರು, ಮುಖಂಡರು ಹಾಗೂ ಭಕ್ತರು ಪಾಲ್ಗೊಂಡಿದ್ದರು.
ನಾವೆಲ್ಲರೂ ಆ ಮಹಾಮನೆಯ ಜನರು ಎಂದು ಹೇಳಿದರು. ಧಾರ್ಮಿಕ ಜಾಗೃತಿ ಸಮಾವೇಶ ನಡೆಸುವ ಮೂಲಕ ಜನರಲ್ಲಿ ಧಾರ್ಮಿಕ ಜಾಗೃತಿ ಮೂಡಿಸುವ ಕೆಲಸ ಮಾಡಲಾಗುತ್ತಿದೆ. ಇದು ಸಂತಸದ ಸಂಗತಿ ಎಂದರು. ವಿದ್ಯಾರ್ಥಿಗಳು, ಸ್ತ್ರೀಶಕ್ತಿ ಸಂಘದ ಸದಸ್ಯರು ಹಾಗೂ ಗ್ರಾಮಸ್ಥರು ಭಾಗವಹಿಸಿದ್ದರು.
ನಡೆಯುತ್ತಿರುವ ಧರ್ಮ ಕಾರ್ಯಗಳು ಮತ್ತು ಗುರುಗಳ ಮಾರ್ಗದರ್ಶನ ಶ್ಲಾಘನೀಯ. ಕಾರ್ತಿಕ ಮಾಸದ ದೀಪೋತ್ಸವವು ಕತ್ತಲೆಯನ್ನು ದೂರ ಮಾಡುವ ಸಂಕೇತ ಎಂದು ತಿಳಿಸಿದರು. ಧರ್ಮ ಜಾಗೃತಿ ಕಾರ್ಯಕ್ರಮಗಳು ಸಮಾಜದಲ್ಲಿ ಸಾಮರಸ್ಯ ಮೂಡಿಸುತ್ತವೆ ಎಂದರು. ಶ್ರೀಗಳು ಭಕ್ತರಿಗೆ ಆಶೀರ್ವಚನ ನೀಡಿದರು. ಈ ಸಂದರ್ಭದಲ್ಲಿ ಸಂಘದ ಪದಾಧಿಕಾರಿಗಳು, ಕಾರ್ಯಕ್ರಮದ ಆಯೋಜಕರು, ಗ್ರಾಮದ ಮುಖಂಡರು, ರೈತರು, ಮಹಿಳೆಯರು ಹಾಗೂ ಮಕ್ಕಳು ಉಪಸ್ಥಿತರಿದ್ದರು. ಕಾರ್ಯಕ್ರಮದ ಕೊನೆಯಲ್ಲಿ ಪ್ರಸಾದ ವಿನಿಯೋಗ ನಡೆಯಿತು.
